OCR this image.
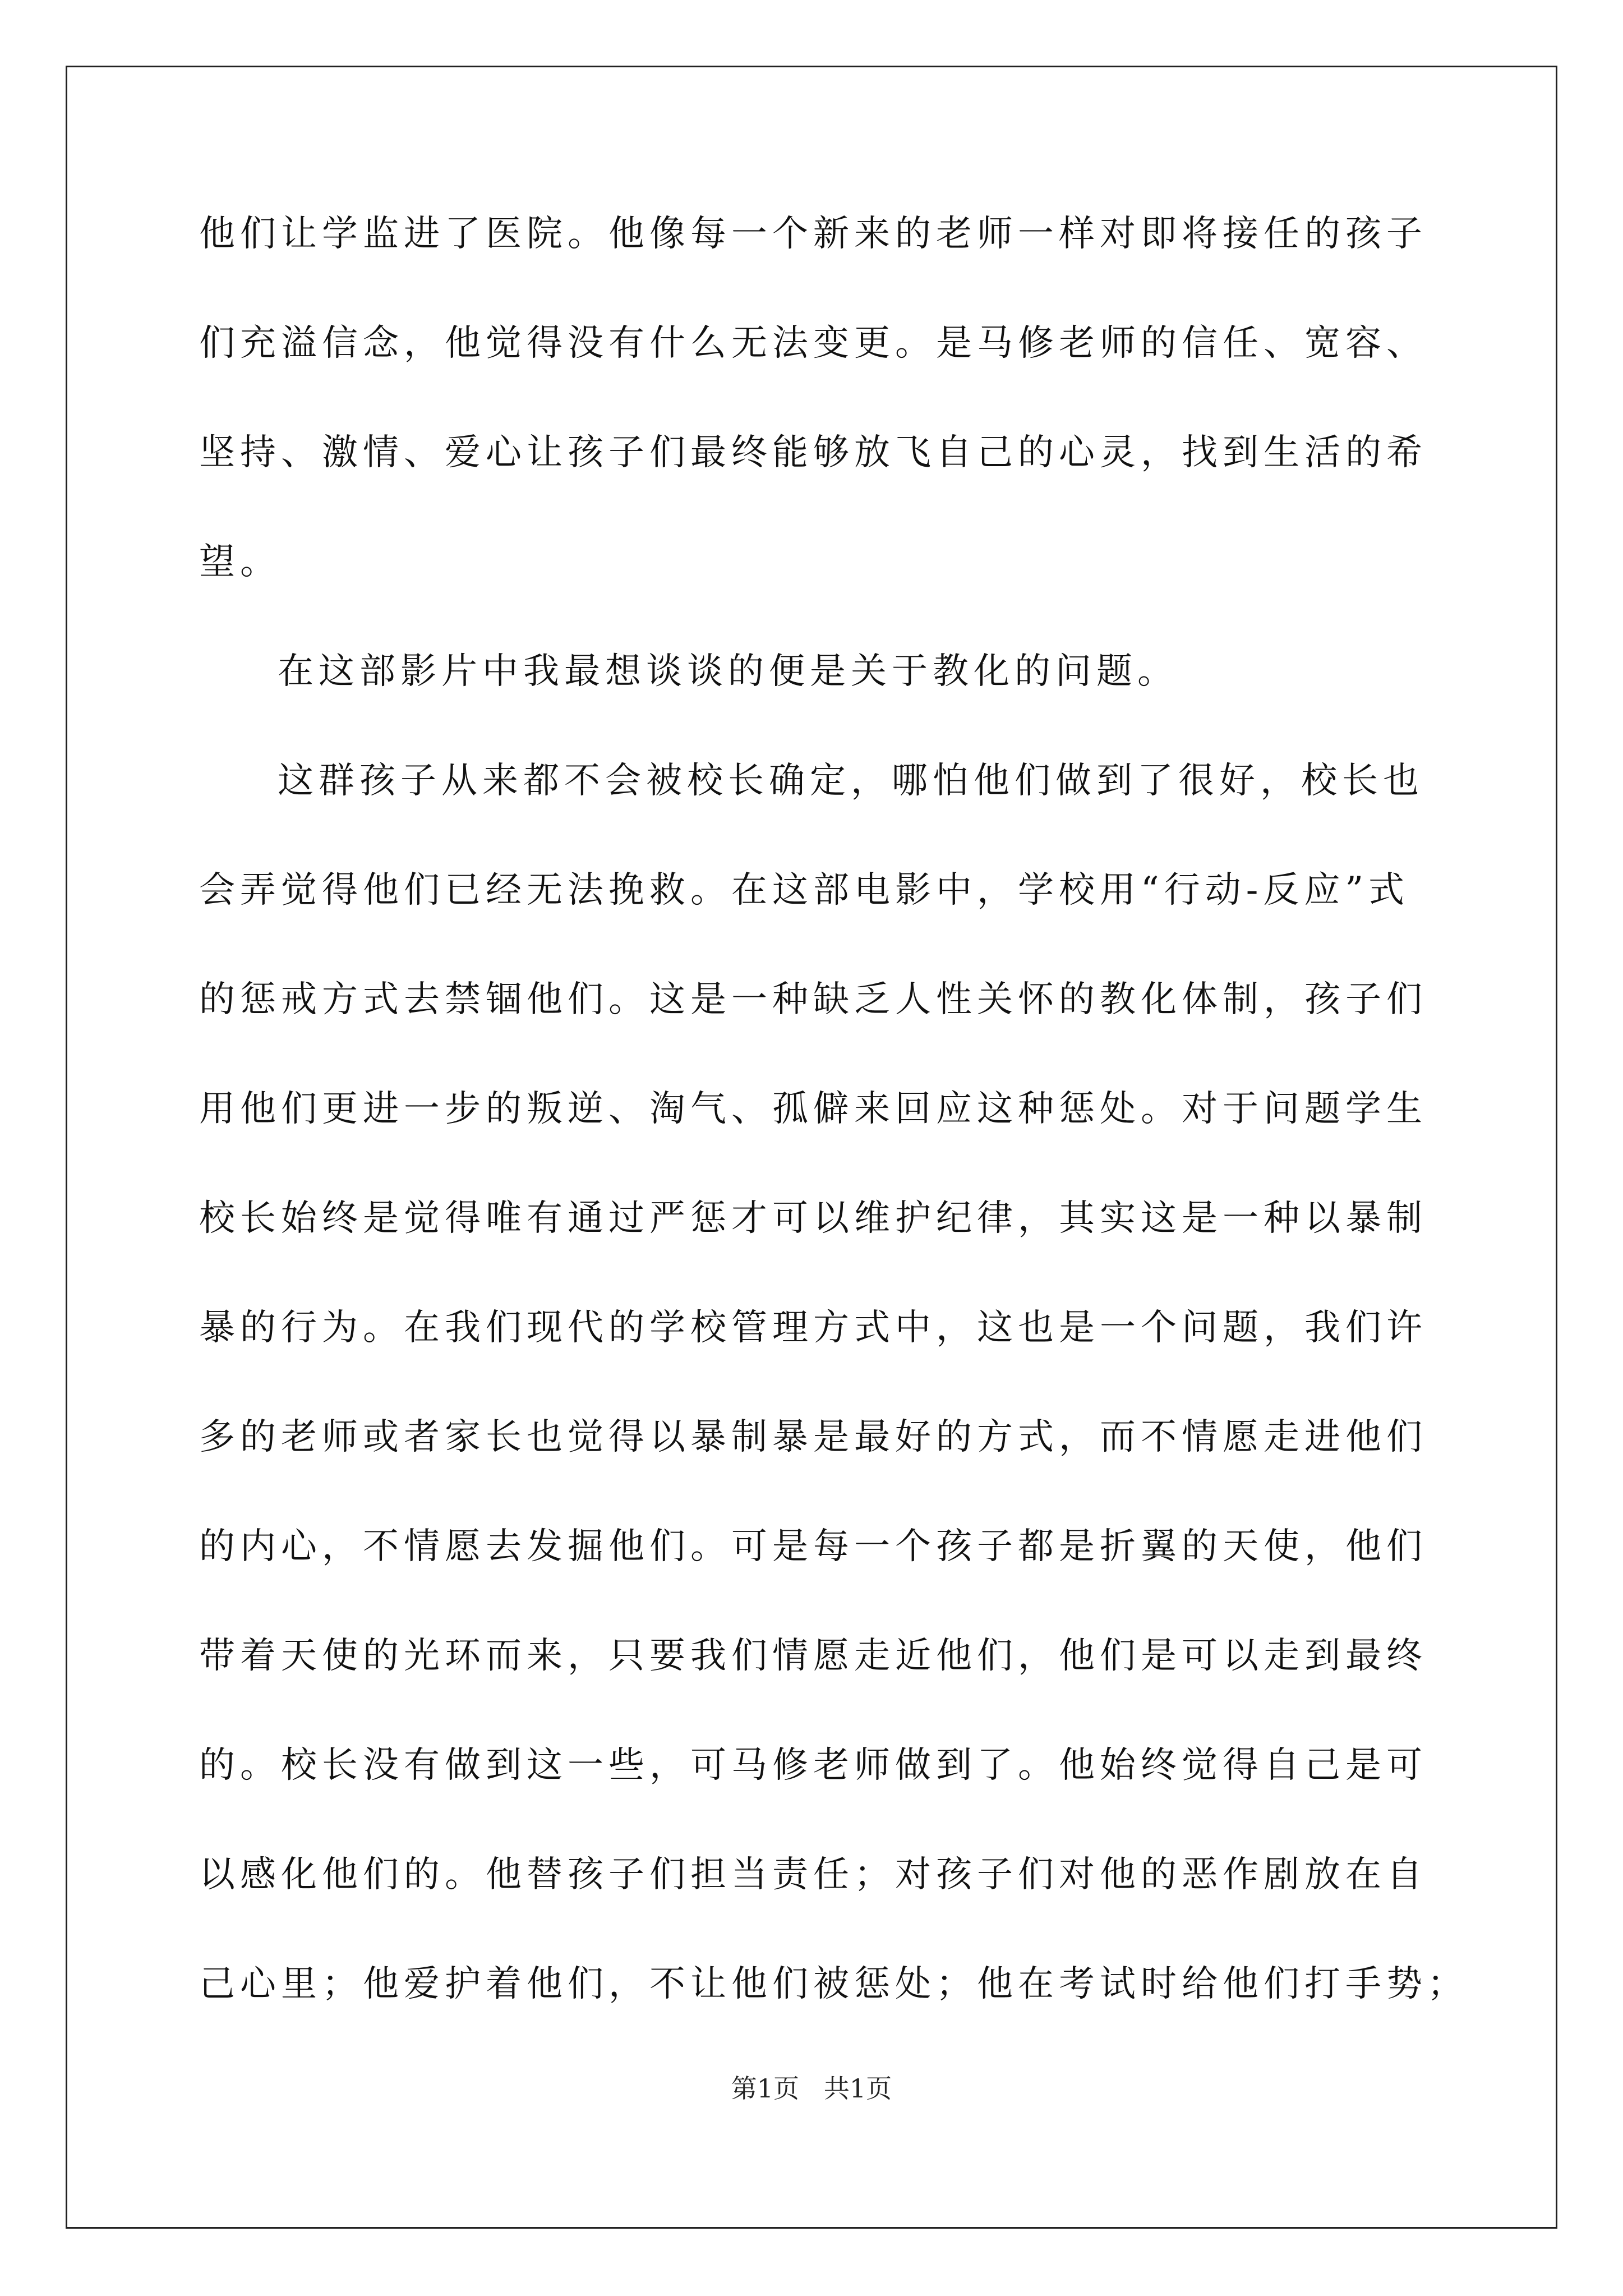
他们让学监进了医院。他像每一个新来的老师一样对即将接任的孩子
们充溢信念，他觉得没有什么无法变更。是马修老师的信任、宽容、
坚持、激情、爱心让孩子们最终能够放飞自己的心灵，找到生活的希
望。
在这部影片中我最想谈谈的便是关于教化的问题。
这群孩子从来都不会被校长确定，哪怕他们做到了很好，校长也
会弄觉得他们已经无法挽救。在这部电影中，学校用“行动-反应”式
的惩戒方式去禁锢他们。这是一种缺乏人性关怀的教化体制，孩子们
用他们更进一步的叛逆、淘气、孤僻来回应这种惩处。对于问题学生
校长始终是觉得唯有通过严惩才可以维护纪律，其实这是一种以暴制
暴的行为。在我们现代的学校管理方式中，这也是一个问题，我们许
多的老师或者家长也觉得以暴制暴是最好的方式，而不情愿走进他们
的内心，不情愿去发掘他们。可是每一个孩子都是折翼的天使，他们
带着天使的光环而来，只要我们情愿走近他们，他们是可以走到最终
的。校长没有做到这一些，可马修老师做到了。他始终觉得自己是可
以感化他们的。他替孩子们担当责任；对孩子们对他的恶作剧放在自
己心里；他爱护着他们，不让他们被惩处；他在考试时给他们打手势；
第1页   共1页
